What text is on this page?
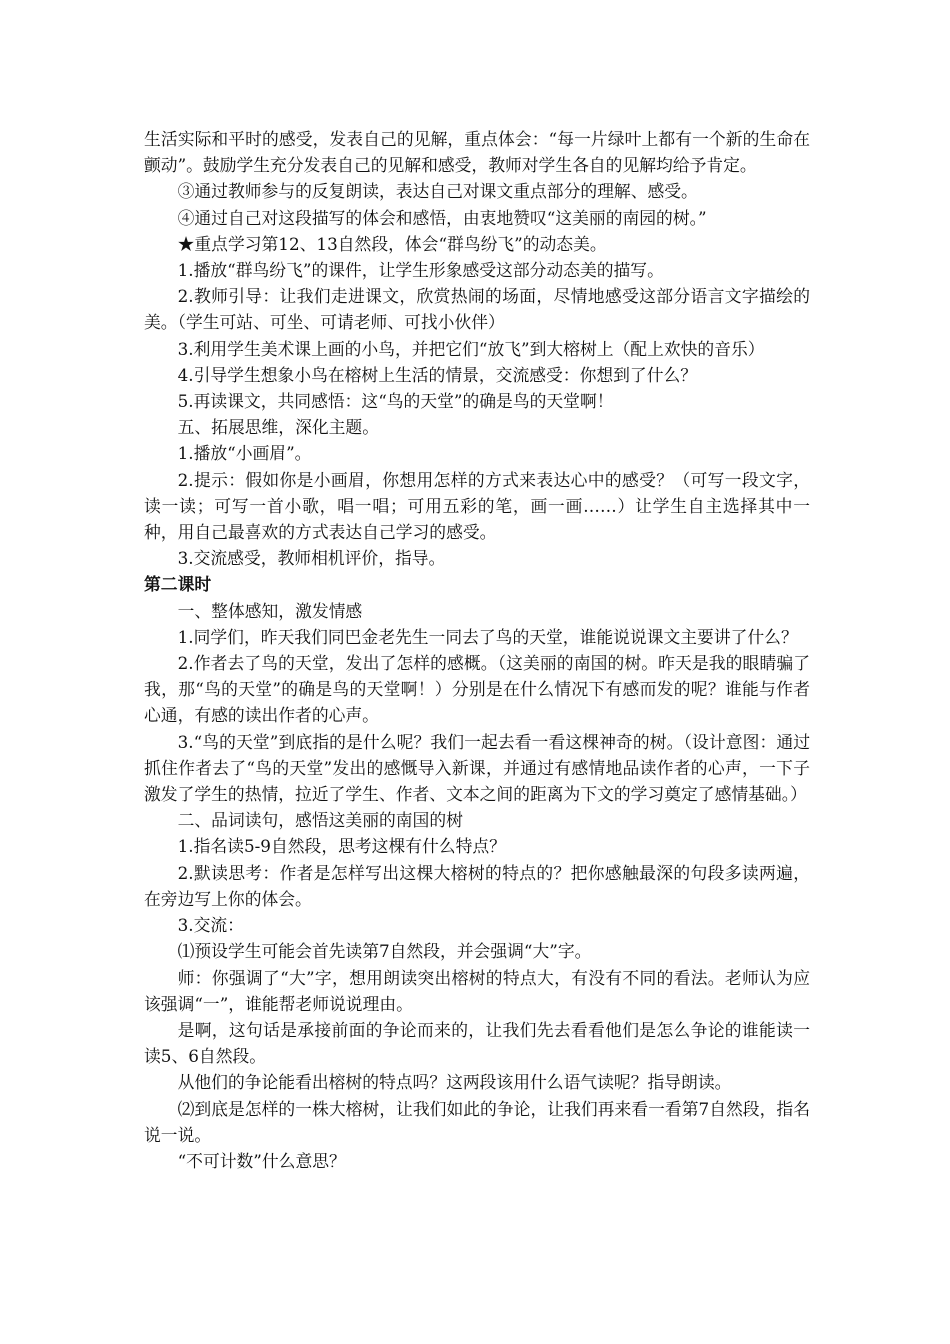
生活实际和平时的感受，发表自己的见解，重点体会：“每一片绿叶上都有一个新的生命在颤动”。鼓励学生充分发表自己的见解和感受，教师对学生各自的见解均给予肯定。

③通过教师参与的反复朗读，表达自己对课文重点部分的理解、感受。

④通过自己对这段描写的体会和感悟，由衷地赞叹“这美丽的南园的树。”

★重点学习第12、13自然段，体会“群鸟纷飞”的动态美。

1.播放“群鸟纷飞”的课件，让学生形象感受这部分动态美的描写。

2.教师引导：让我们走进课文，欣赏热闹的场面，尽情地感受这部分语言文字描绘的美。（学生可站、可坐、可请老师、可找小伙伴）

3.利用学生美术课上画的小鸟，并把它们“放飞”到大榕树上（配上欢快的音乐）

4.引导学生想象小鸟在榕树上生活的情景，交流感受：你想到了什么？

5.再读课文，共同感悟：这“鸟的天堂”的确是鸟的天堂啊！

五、拓展思维，深化主题。

1.播放“小画眉”。

2.提示：假如你是小画眉，你想用怎样的方式来表达心中的感受？（可写一段文字，读一读；可写一首小歌，唱一唱；可用五彩的笔，画一画……）让学生自主选择其中一种，用自己最喜欢的方式表达自己学习的感受。

3.交流感受，教师相机评价，指导。

第二课时

一、整体感知，激发情感

1.同学们，昨天我们同巴金老先生一同去了鸟的天堂，谁能说说课文主要讲了什么？

2.作者去了鸟的天堂，发出了怎样的感概。（这美丽的南国的树。昨天是我的眼睛骗了我，那“鸟的天堂”的确是鸟的天堂啊！）分别是在什么情况下有感而发的呢？谁能与作者心通，有感的读出作者的心声。

3.“鸟的天堂”到底指的是什么呢？我们一起去看一看这棵神奇的树。（设计意图：通过抓住作者去了“鸟的天堂”发出的感慨导入新课，并通过有感情地品读作者的心声，一下子激发了学生的热情，拉近了学生、作者、文本之间的距离为下文的学习奠定了感情基础。）

二、品词读句，感悟这美丽的南国的树

1.指名读5-9自然段，思考这棵有什么特点？

2.默读思考：作者是怎样写出这棵大榕树的特点的？把你感触最深的句段多读两遍，在旁边写上你的体会。

3.交流：

⑴预设学生可能会首先读第7自然段，并会强调“大”字。

师：你强调了“大”字，想用朗读突出榕树的特点大，有没有不同的看法。老师认为应该强调“一”，谁能帮老师说说理由。

是啊，这句话是承接前面的争论而来的，让我们先去看看他们是怎么争论的谁能读一读5、6自然段。

从他们的争论能看出榕树的特点吗？这两段该用什么语气读呢？指导朗读。

⑵到底是怎样的一株大榕树，让我们如此的争论，让我们再来看一看第7自然段，指名说一说。

“不可计数”什么意思？
